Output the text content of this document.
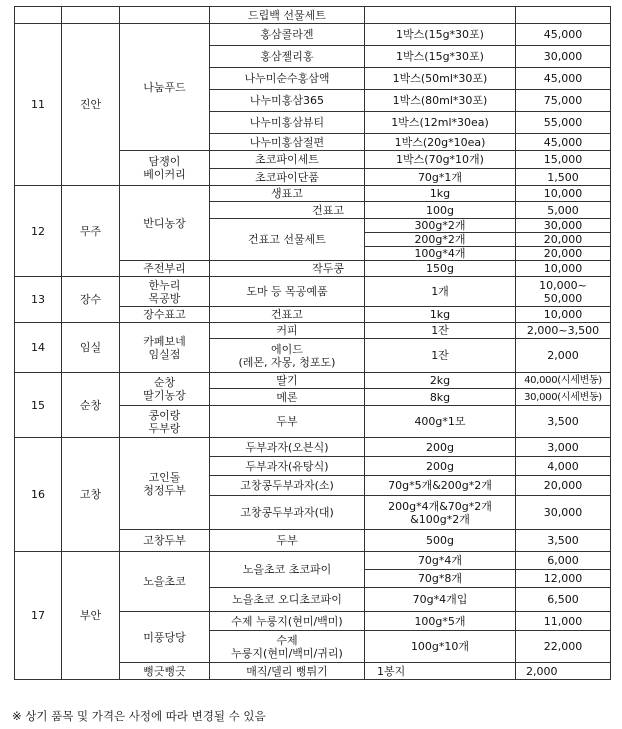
			드립백 선물세트		
11	진안	나눔푸드	홍삼콜라겐	1박스(15g*30포)	45,000
			홍삼젤리홍	1박스(15g*30포)	30,000
			나누미순수홍삼액	1박스(50ml*30포)	45,000
			나누미홍삼365	1박스(80ml*30포)	75,000
			나누미홍삼뷰티	1박스(12ml*30ea)	55,000
			나누미홍삼절편	1박스(20g*10ea)	45,000
		담쟁이
베이커리	초코파이세트	1박스(70g*10개)	15,000
			초코파이단품	70g*1개	1,500
12	무주	반디농장	생표고	1kg	10,000
			건표고	100g	5,000
			건표고 선물세트	300g*2개	30,000
				200g*2개	20,000
				100g*4개	20,000
		주전부리	작두콩	150g	10,000
13	장수	한누리
목공방	도마 등 목공예품	1개	10,000~
50,000
		장수표고	건표고	1kg	10,000
14	임실	카페보네
임실점	커피	1잔	2,000~3,500
			에이드
(레몬, 자몽, 청포도)	1잔	2,000
15	순창	순창
딸기농장	딸기	2kg	40,000(시세변동)
			메론	8kg	30,000(시세변동)
		콩이랑
두부랑	두부	400g*1모	3,500
16	고창	고인돌
청정두부	두부과자(오븐식)	200g	3,000
			두부과자(유탕식)	200g	4,000
			고창콩두부과자(소)	70g*5개&200g*2개	20,000
			고창콩두부과자(대)	200g*4개&70g*2개
&100g*2개	30,000
		고창두부	두부	500g	3,500
17	부안	노을초코	노을초코 초코파이	70g*4개	6,000
				70g*8개	12,000
			노을초코 오디초코파이	70g*4개입	6,500
		미풍당당	수제 누룽지(현미/백미)	100g*5개	11,000
			수제
누룽지(현미/백미/귀리)	100g*10개	22,000
		뻥긋뻥긋	매직/델리 뻥튀기	1봉지	2,000
※ 상기 품목 및 가격은 사정에 따라 변경될 수 있음
